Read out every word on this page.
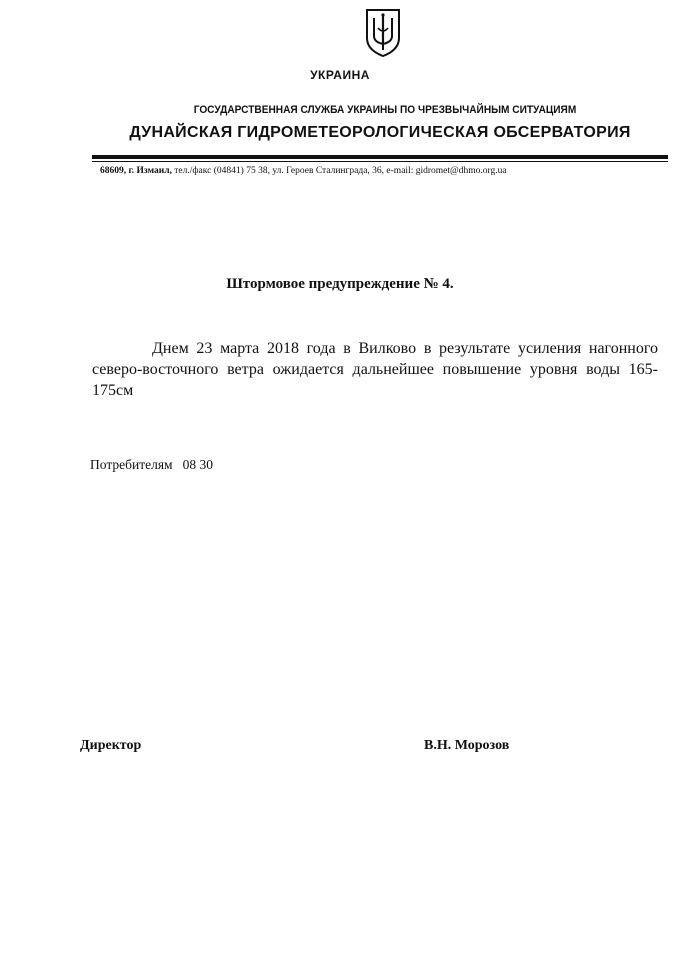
УКРАИНА
ГОСУДАРСТВЕННАЯ СЛУЖБА УКРАИНЫ ПО ЧРЕЗВЫЧАЙНЫМ СИТУАЦИЯМ
ДУНАЙСКАЯ ГИДРОМЕТЕОРОЛОГИЧЕСКАЯ ОБСЕРВАТОРИЯ
68609, г. Измаил, тел./факс (04841) 75 38, ул. Героев Сталинграда, 36, e-mail: gidromet@dhmo.org.ua
Штормовое предупреждение № 4.
Днем 23 марта 2018 года в Вилково в результате усиления нагонного северо-восточного ветра ожидается дальнейшее повышение уровня воды 165-175см
Потребителям 08 30
Директор	В.Н. Морозов
